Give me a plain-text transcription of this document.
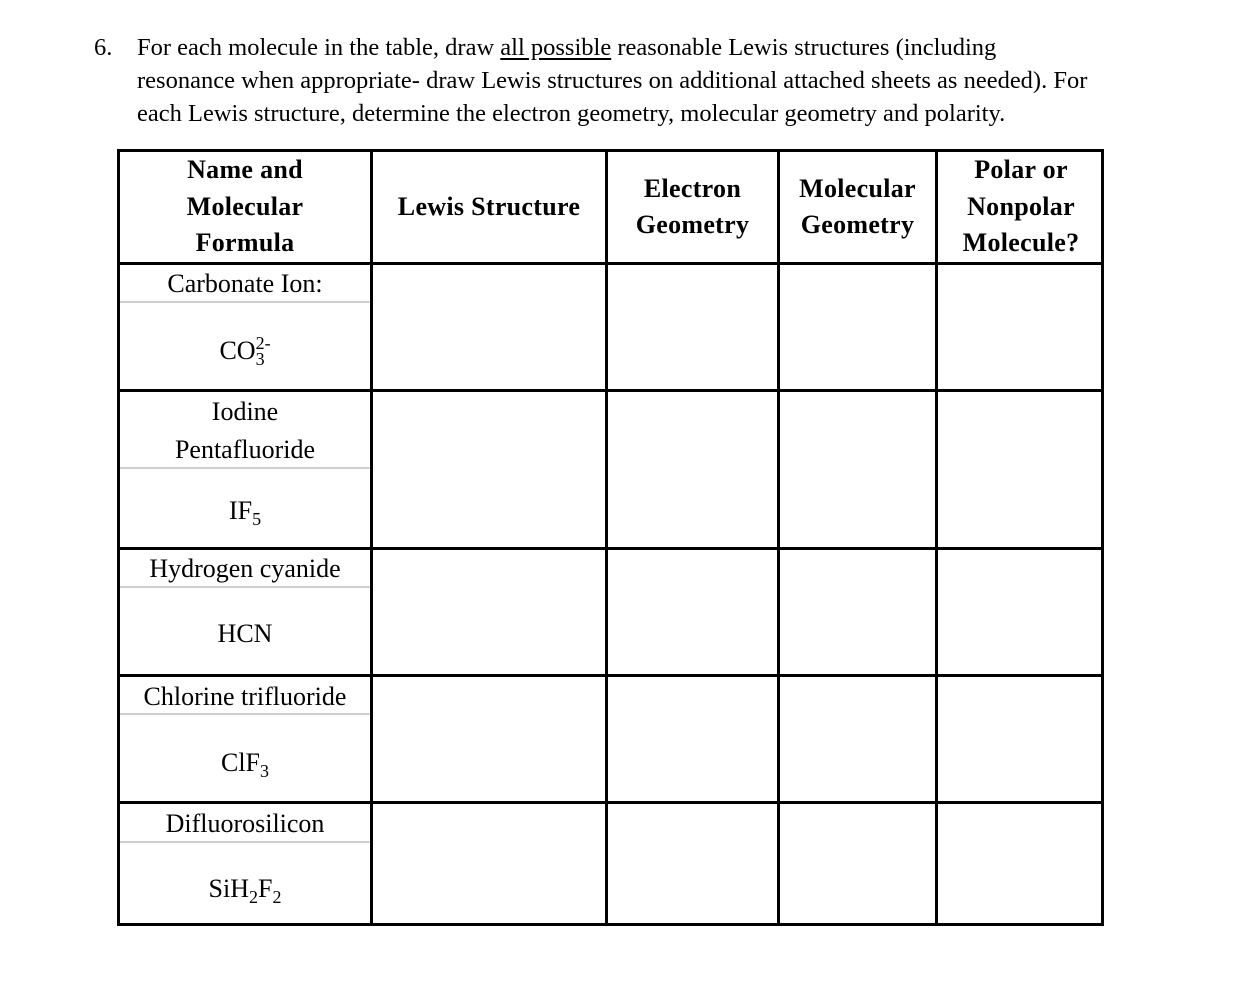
6. For each molecule in the table, draw all possible reasonable Lewis structures (including
resonance when appropriate- draw Lewis structures on additional attached sheets as needed). For
each Lewis structure, determine the electron geometry, molecular geometry and polarity.
Name and
Molecular
Formula
Lewis Structure
Electron
Geometry
Molecular
Geometry
Polar or
Nonpolar
Molecule?
Carbonate Ion:
$CO_3^{2-}$
Iodine
Pentafluoride
$IF_5$
Hydrogen cyanide
HCN
Chlorine trifluoride
ClF$_3$
Difluorosilicon
$SiH_2F_2$
